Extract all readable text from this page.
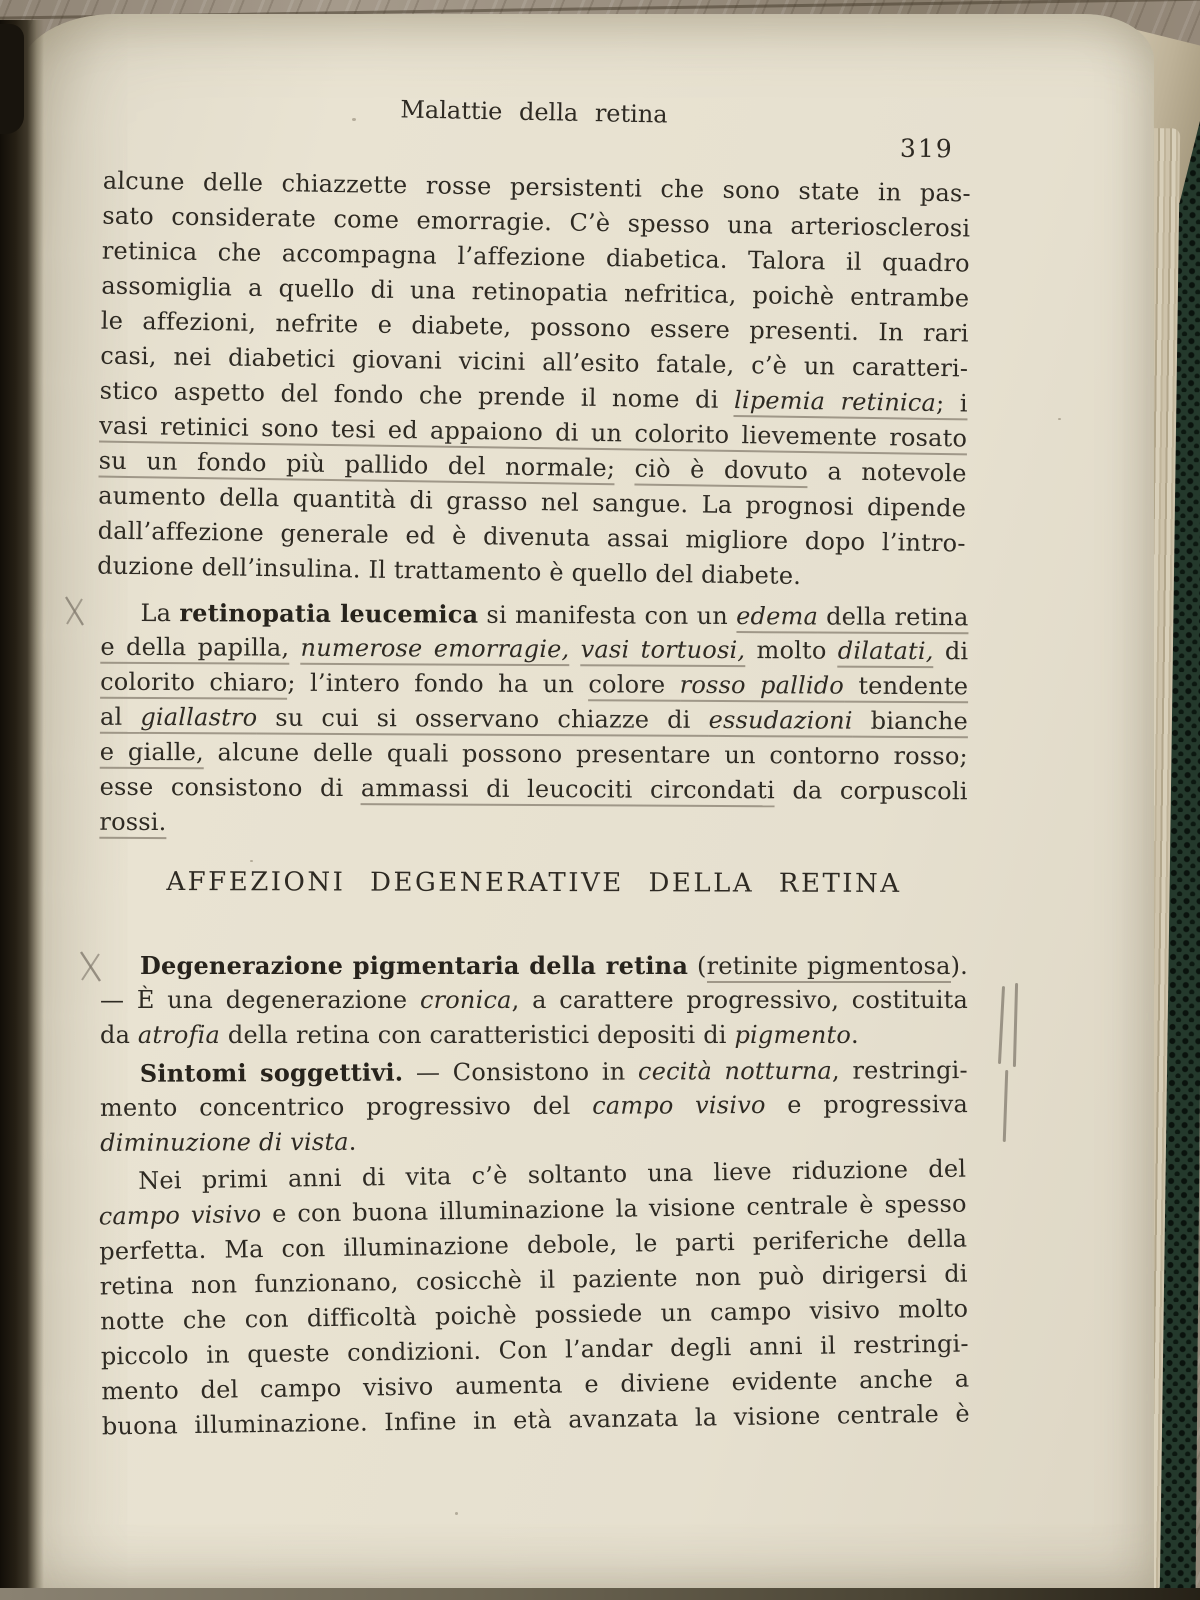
Malattie della retina
319
alcune delle chiazzette rosse persistenti che sono state in pas-
sato considerate come emorragie. C’è spesso una arteriosclerosi
retinica che accompagna l’affezione diabetica. Talora il quadro
assomiglia a quello di una retinopatia nefritica, poichè entrambe
le affezioni, nefrite e diabete, possono essere presenti. In rari
casi, nei diabetici giovani vicini all’esito fatale, c’è un caratteri-
stico aspetto del fondo che prende il nome di lipemia retinica; i
vasi retinici sono tesi ed appaiono di un colorito lievemente rosato
su un fondo più pallido del normale; ciò è dovuto a notevole
aumento della quantità di grasso nel sangue. La prognosi dipende
dall’affezione generale ed è divenuta assai migliore dopo l’intro-
duzione dell’insulina. Il trattamento è quello del diabete.
La retinopatia leucemica si manifesta con un edema della retina
e della papilla, numerose emorragie, vasi tortuosi, molto dilatati, di
colorito chiaro; l’intero fondo ha un colore rosso pallido tendente
al giallastro su cui si osservano chiazze di essudazioni bianche
e gialle, alcune delle quali possono presentare un contorno rosso;
esse consistono di ammassi di leucociti circondati da corpuscoli
rossi.
AFFEZIONI DEGENERATIVE DELLA RETINA
Degenerazione pigmentaria della retina (retinite pigmentosa).
— È una degenerazione cronica, a carattere progressivo, costituita
da atrofia della retina con caratteristici depositi di pigmento.
Sintomi soggettivi. — Consistono in cecità notturna, restringi-
mento concentrico progressivo del campo visivo e progressiva
diminuzione di vista.
Nei primi anni di vita c’è soltanto una lieve riduzione del
campo visivo e con buona illuminazione la visione centrale è spesso
perfetta. Ma con illuminazione debole, le parti periferiche della
retina non funzionano, cosicchè il paziente non può dirigersi di
notte che con difficoltà poichè possiede un campo visivo molto
piccolo in queste condizioni. Con l’andar degli anni il restringi-
mento del campo visivo aumenta e diviene evidente anche a
buona illuminazione. Infine in età avanzata la visione centrale è
